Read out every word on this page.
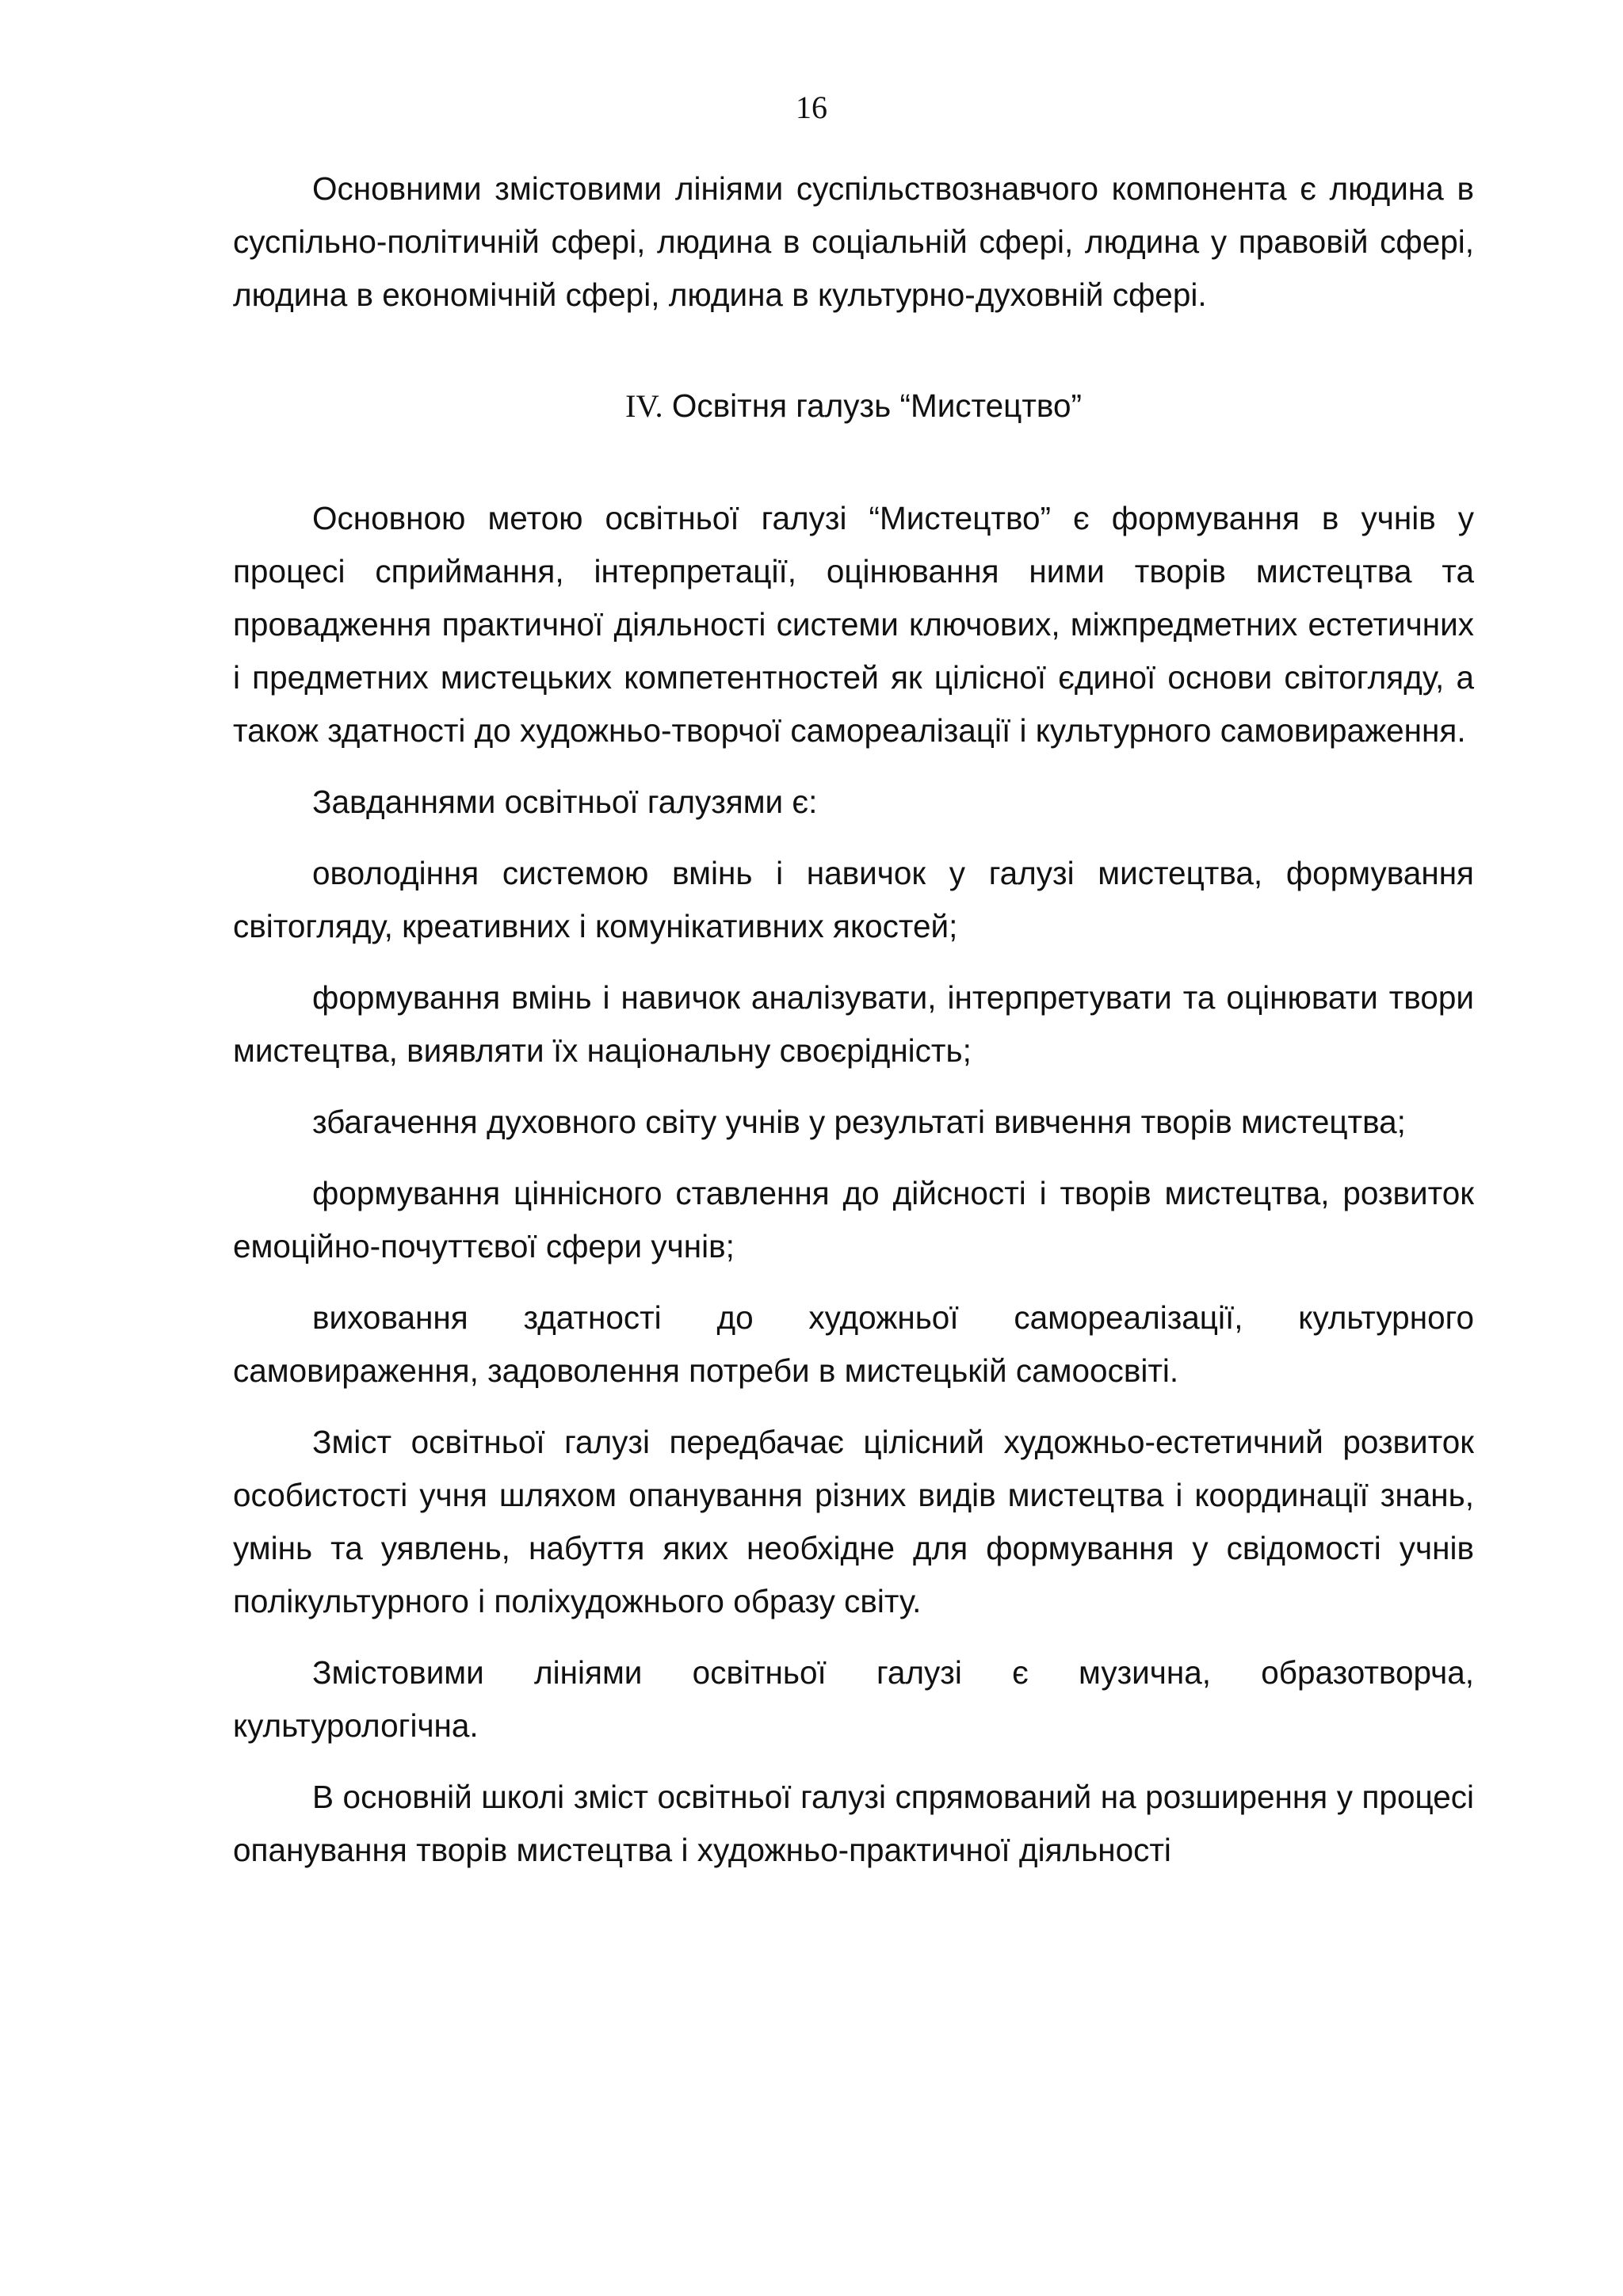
16

Основними змістовими лініями суспільствознавчого компонента є людина в суспільно-політичній сфері, людина в соціальній сфері, людина у правовій сфері, людина в економічній сфері, людина в культурно-духовній сфері.

IV. Освітня галузь “Мистецтво”

Основною метою освітньої галузі “Мистецтво” є формування в учнів у процесі сприймання, інтерпретації, оцінювання ними творів мистецтва та провадження практичної діяльності системи ключових, міжпредметних естетичних і предметних мистецьких компетентностей як цілісної єдиної основи світогляду, а також здатності до художньо-творчої самореалізації і культурного самовираження.

Завданнями освітньої галузями є:

оволодіння системою вмінь і навичок у галузі мистецтва, формування світогляду, креативних і комунікативних якостей;

формування вмінь і навичок аналізувати, інтерпретувати та оцінювати твори мистецтва, виявляти їх національну своєрідність;

збагачення духовного світу учнів у результаті вивчення творів мистецтва;

формування ціннісного ставлення до дійсності і творів мистецтва, розвиток емоційно-почуттєвої сфери учнів;

виховання здатності до художньої самореалізації, культурного самовираження, задоволення потреби в мистецькій самоосвіті.

Зміст освітньої галузі передбачає цілісний художньо-естетичний розвиток особистості учня шляхом опанування різних видів мистецтва і координації знань, умінь та уявлень, набуття яких необхідне для формування у свідомості учнів полікультурного і поліхудожнього образу світу.

Змістовими лініями освітньої галузі є музична, образотворча, культурологічна.

В основній школі зміст освітньої галузі спрямований на розширення у процесі опанування творів мистецтва і художньо-практичної діяльності
